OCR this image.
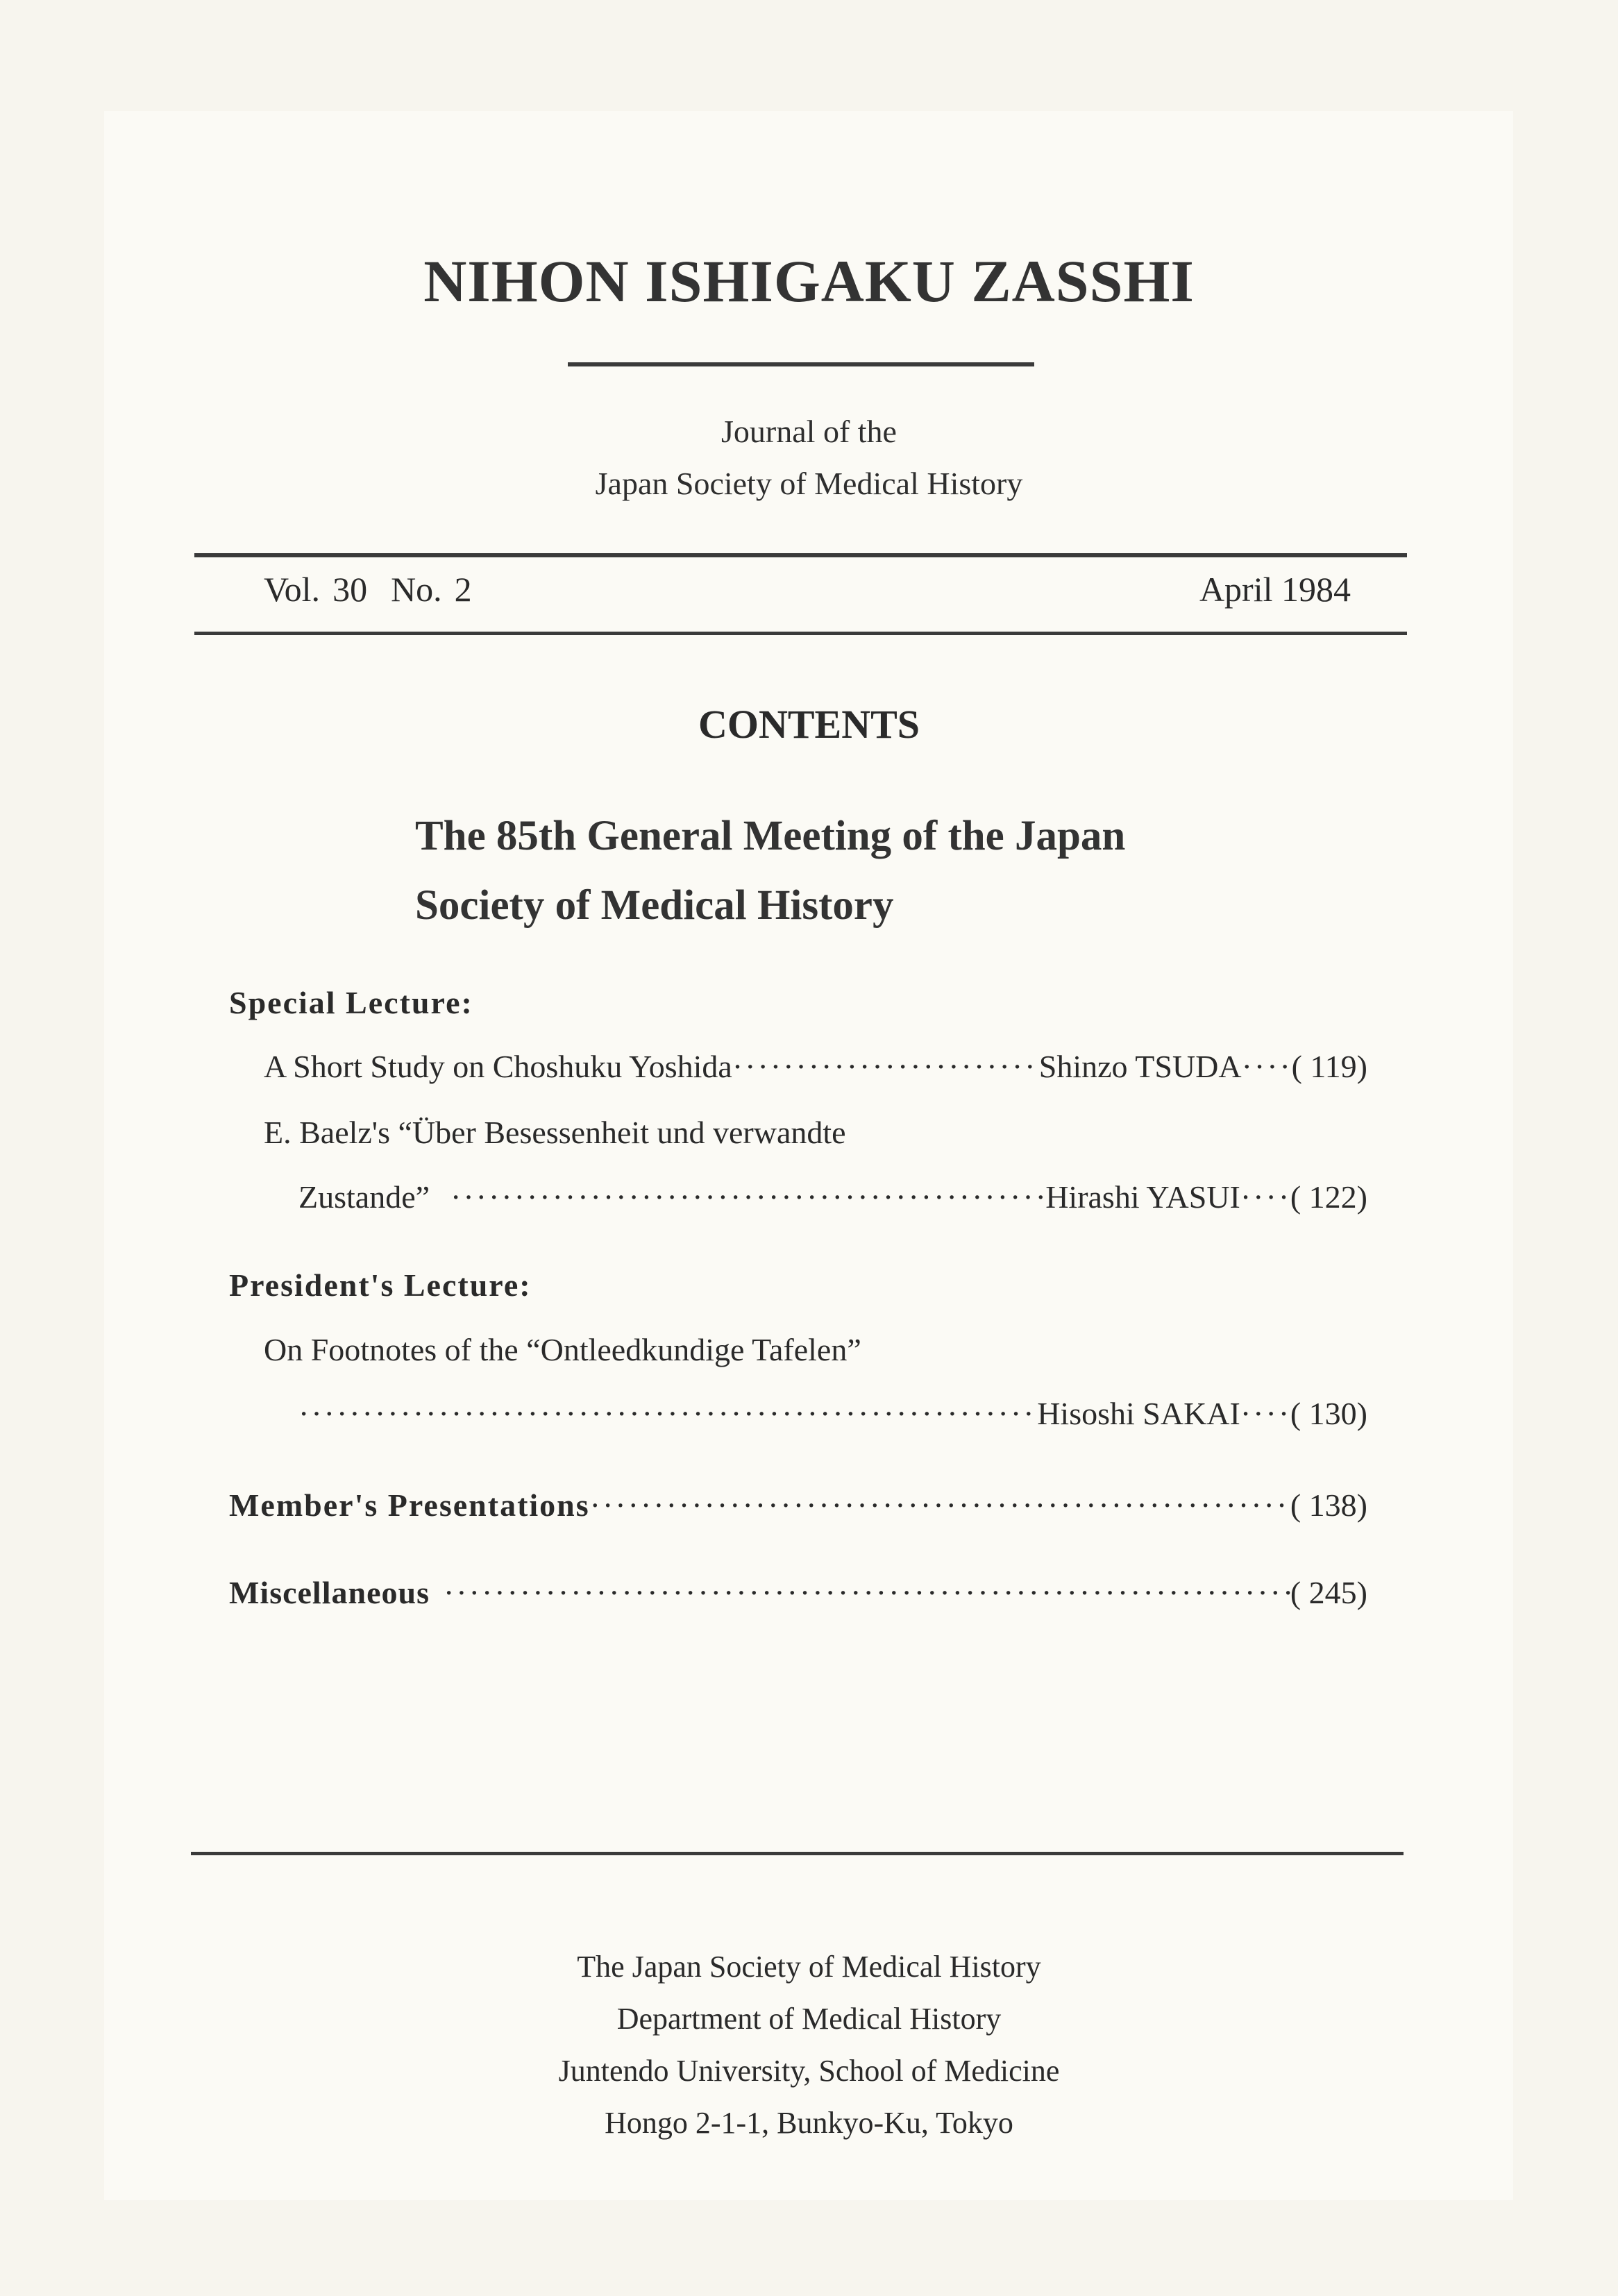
NIHON ISHIGAKU ZASSHI
Journal of the
Japan Society of Medical History
Vol. 30 No. 2	April 1984
CONTENTS
The 85th General Meeting of the Japan
Society of Medical History
Special Lecture:
A Short Study on Choshuku Yoshida ·····	Shinzo TSUDA ····· ( 119)
E. Baelz's “Über Besessenheit und verwandte
Zustande” ·····	Hirashi YASUI ····· ( 122)
President's Lecture:
On Footnotes of the “Ontleedkundige Tafelen”
·····
Hisoshi SAKAI ····· ( 130)
Member's Presentations ·····	( 138)
Miscellaneous ·····	( 245)
The Japan Society of Medical History
Department of Medical History
Juntendo University, School of Medicine
Hongo 2-1-1, Bunkyo-Ku, Tokyo
